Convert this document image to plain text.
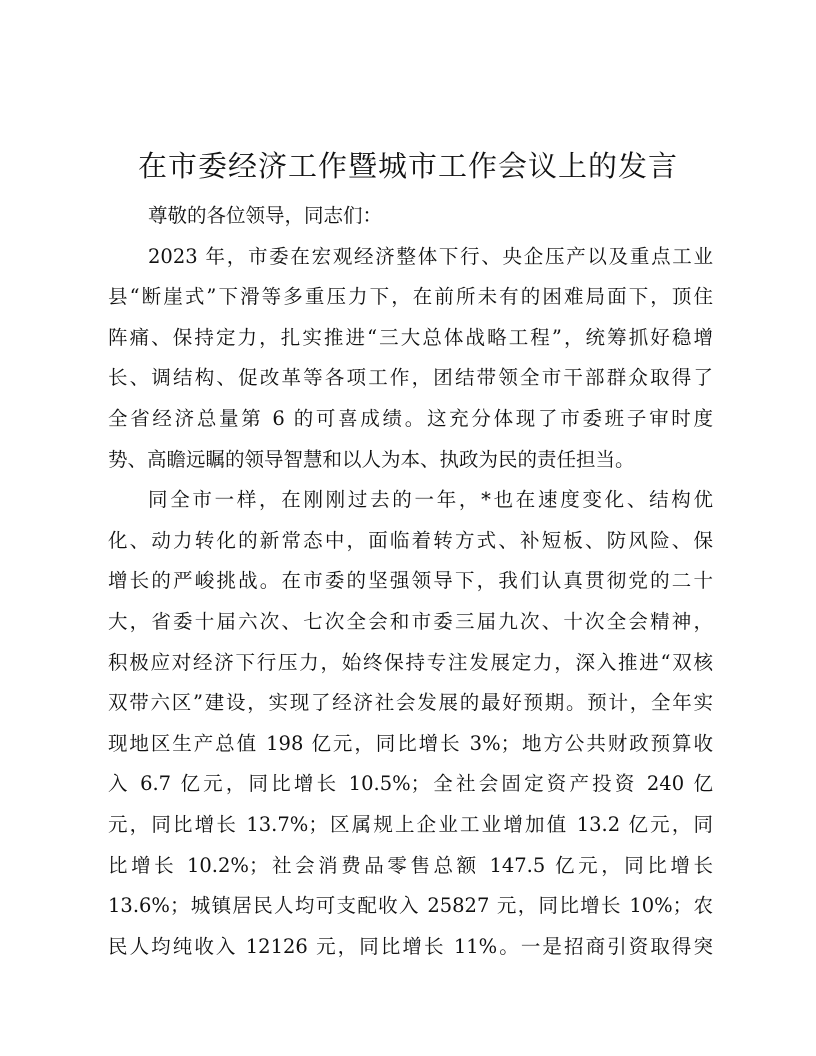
在市委经济工作暨城市工作会议上的发言
尊敬的各位领导，同志们：
2023 年，市委在宏观经济整体下行、央企压产以及重点工业
县“断崖式”下滑等多重压力下，在前所未有的困难局面下，顶住
阵痛、保持定力，扎实推进“三大总体战略工程”，统筹抓好稳增
长、调结构、促改革等各项工作，团结带领全市干部群众取得了
全省经济总量第 6 的可喜成绩。这充分体现了市委班子审时度
势、高瞻远瞩的领导智慧和以人为本、执政为民的责任担当。
同全市一样，在刚刚过去的一年，*也在速度变化、结构优
化、动力转化的新常态中，面临着转方式、补短板、防风险、保
增长的严峻挑战。在市委的坚强领导下，我们认真贯彻党的二十
大，省委十届六次、七次全会和市委三届九次、十次全会精神，
积极应对经济下行压力，始终保持专注发展定力，深入推进“双核
双带六区”建设，实现了经济社会发展的最好预期。预计，全年实
现地区生产总值 198 亿元，同比增长 3%；地方公共财政预算收
入 6.7 亿元，同比增长 10.5%；全社会固定资产投资 240 亿
元，同比增长 13.7%；区属规上企业工业增加值 13.2 亿元，同
比增长 10.2%；社会消费品零售总额 147.5 亿元，同比增长
13.6%；城镇居民人均可支配收入 25827 元，同比增长 10%；农
民人均纯收入 12126 元，同比增长 11%。一是招商引资取得突
